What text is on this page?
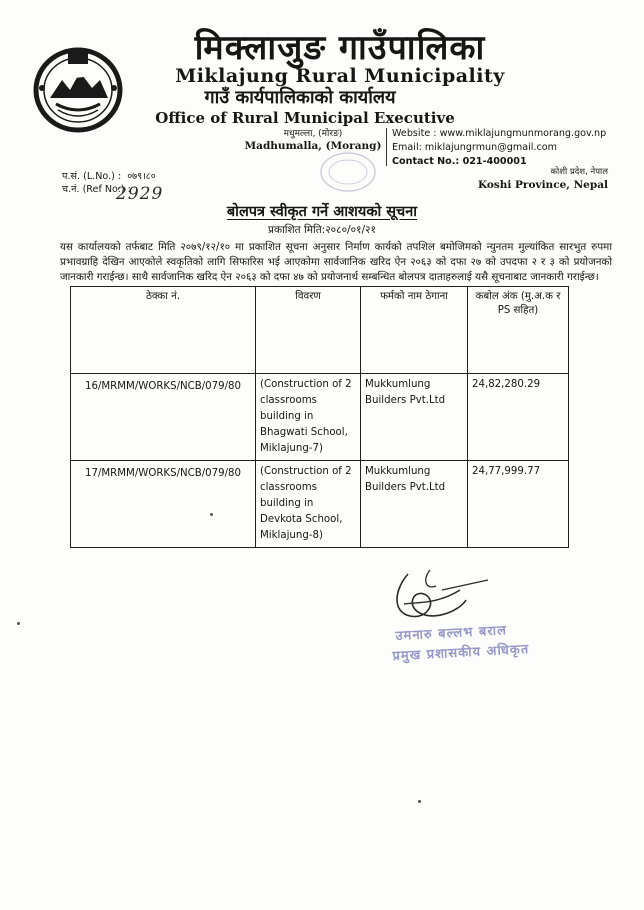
मिक्लाजुङ गाउँपालिका
Miklajung Rural Municipality
गाउँ कार्यपालिकाको कार्यालय
Office of Rural Municipal Executive
मधुमल्ला, (मोरङ)
Madhumalla, (Morang)
Website : www.miklajungmunmorang.gov.np
Email: miklajungrmun@gmail.com
Contact No.: 021-400001
कोशी प्रदेश, नेपाल
Koshi Province, Nepal
प.सं. (L.No.) : ०७९।८०
च.नं. (Ref No.) :
2929
बोलपत्र स्वीकृत गर्ने आशयको सूचना
प्रकाशित मिति:२०८०/०१/२१
यस कार्यालयको तर्फबाट मिति २०७९/१२/१० मा प्रकाशित सूचना अनुसार निर्माण कार्यको तपशिल बमोजिमको न्युनतम मुल्यांकित सारभुत रुपमा प्रभावग्राहि देखिन आएकोले स्वकृतिको लागि सिफारिस भई आएकोमा सार्वजानिक खरिद ऐन २०६३ को दफा २७ को उपदफा २ र ३ को प्रयोजनको जानकारी गराईन्छ। साथै सार्वजानिक खरिद ऐन २०६३ को दफा ४७ को प्रयोजनार्थ सम्बन्धित बोलपत्र दाताहरुलाई यसै सूचनाबाट जानकारी गराईन्छ।
ठेक्का नं.	विवरण	फर्मको नाम ठेगाना	कबोल अंक (मु.अ.क र PS सहित)
16/MRMM/WORKS/NCB/079/80	(Construction of 2 classrooms building in Bhagwati School, Miklajung-7)	Mukkumlung Builders Pvt.Ltd	24,82,280.29
17/MRMM/WORKS/NCB/079/80	(Construction of 2 classrooms building in Devkota School, Miklajung-8)	Mukkumlung Builders Pvt.Ltd	24,77,999.77
उमनारु बल्लभ बराल
प्रमुख प्रशासकीय अधिकृत
